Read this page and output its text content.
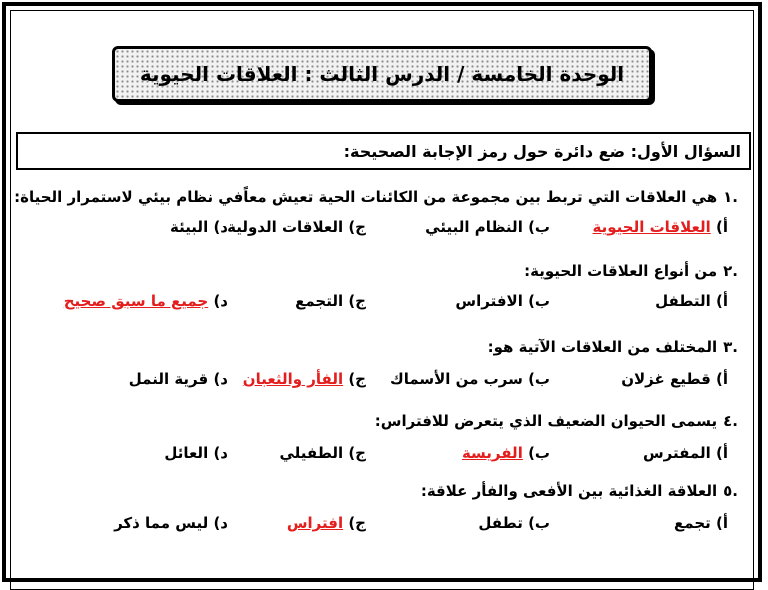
الوحدة الخامسة / الدرس الثالث : العلاقات الحيوية
السؤال الأول: ضع دائرة حول رمز الإجابة الصحيحة:
.١هي العلاقات التي تربط بين مجموعة من الكائنات الحية تعيش معاًفي نظام بيئي لاستمرار الحياة:
أ) العلاقات الحيوية
ب) النظام البيئي
ج) العلاقات الدولية
د) البيئة
.٢من أنواع العلاقات الحيوية:
أ) التطفل
ب) الافتراس
ج) التجمع
د) جميع ما سبق صحيح
.٣المختلف من العلاقات الآتية هو:
أ) قطيع غزلان
ب) سرب من الأسماك
ج) الفأر والثعبان
د) قرية النمل
.٤يسمى الحيوان الضعيف الذي يتعرض للافتراس:
أ) المفترس
ب) الفريسة
ج) الطفيلي
د) العائل
.٥العلاقة الغذائية بين الأفعى والفأر علاقة:
أ) تجمع
ب) تطفل
ج) افتراس
د) ليس مما ذكر
